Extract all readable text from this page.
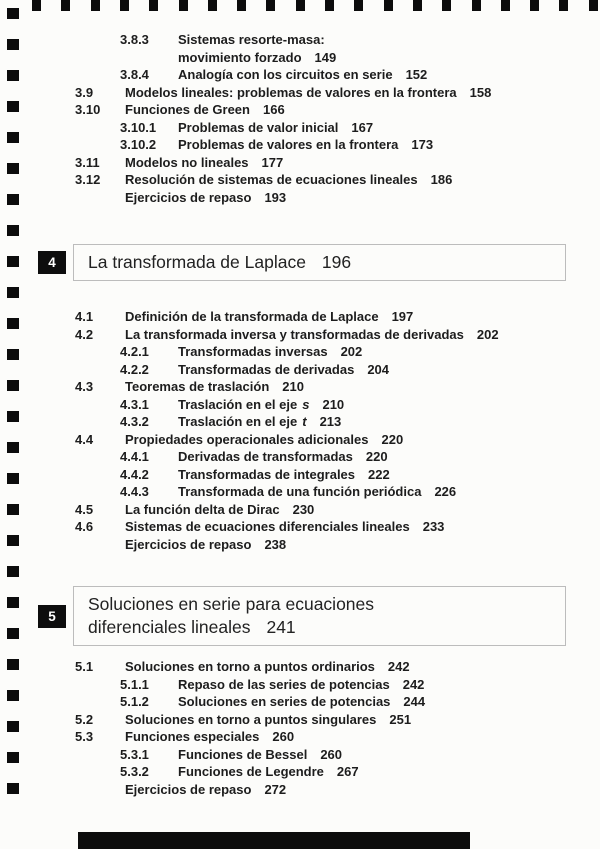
3.8.3	Sistemas resorte-masa:
movimiento forzado 149
3.8.4	Analogía con los circuitos en serie 152
3.9	Modelos lineales: problemas de valores en la frontera 158
3.10	Funciones de Green 166
3.10.1	Problemas de valor inicial 167
3.10.2	Problemas de valores en la frontera 173
3.11	Modelos no lineales 177
3.12	Resolución de sistemas de ecuaciones lineales 186
Ejercicios de repaso 193
4 La transformada de Laplace 196
4.1	Definición de la transformada de Laplace 197
4.2	La transformada inversa y transformadas de derivadas 202
4.2.1	Transformadas inversas 202
4.2.2	Transformadas de derivadas 204
4.3	Teoremas de traslación 210
4.3.1	Traslación en el eje s 210
4.3.2	Traslación en el eje t 213
4.4	Propiedades operacionales adicionales 220
4.4.1	Derivadas de transformadas 220
4.4.2	Transformadas de integrales 222
4.4.3	Transformada de una función periódica 226
4.5	La función delta de Dirac 230
4.6	Sistemas de ecuaciones diferenciales lineales 233
Ejercicios de repaso 238
5
Soluciones en serie para ecuaciones
diferenciales lineales 241
5.1	Soluciones en torno a puntos ordinarios 242
5.1.1	Repaso de las series de potencias 242
5.1.2	Soluciones en series de potencias 244
5.2	Soluciones en torno a puntos singulares 251
5.3	Funciones especiales 260
5.3.1	Funciones de Bessel 260
5.3.2	Funciones de Legendre 267
Ejercicios de repaso 272
